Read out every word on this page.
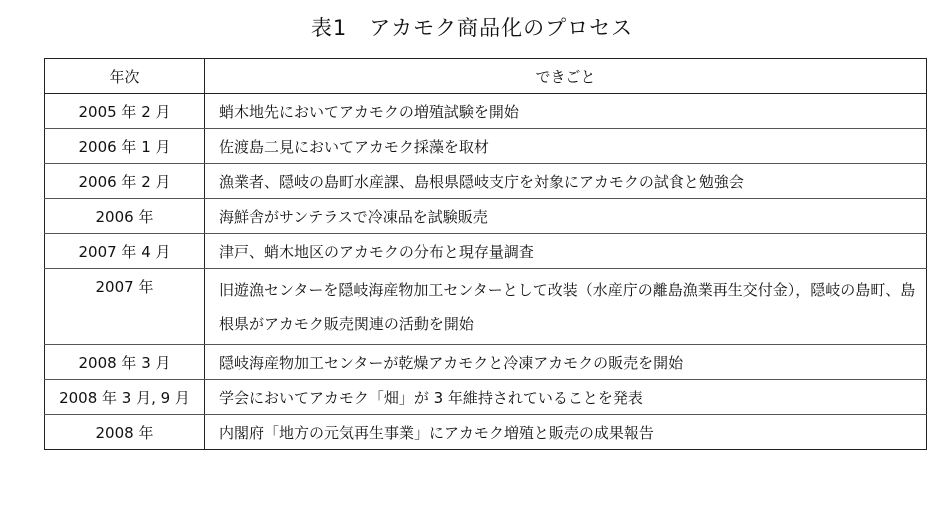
表1　アカモク商品化のプロセス
年次	できごと
2005 年 2 月	蛸木地先においてアカモクの増殖試験を開始
2006 年 1 月	佐渡島二見においてアカモク採藻を取材
2006 年 2 月	漁業者、隠岐の島町水産課、島根県隠岐支庁を対象にアカモクの試食と勉強会
2006 年	海鮮舎がサンテラスで冷凍品を試験販売
2007 年 4 月	津戸、蛸木地区のアカモクの分布と現存量調査
2007 年	旧遊漁センターを隠岐海産物加工センターとして改装（水産庁の離島漁業再生交付金），隠岐の島町、島根県がアカモク販売関連の活動を開始
2008 年 3 月	隠岐海産物加工センターが乾燥アカモクと冷凍アカモクの販売を開始
2008 年 3 月, 9 月	学会においてアカモク「畑」が 3 年維持されていることを発表
2008 年	内閣府「地方の元気再生事業」にアカモク増殖と販売の成果報告
